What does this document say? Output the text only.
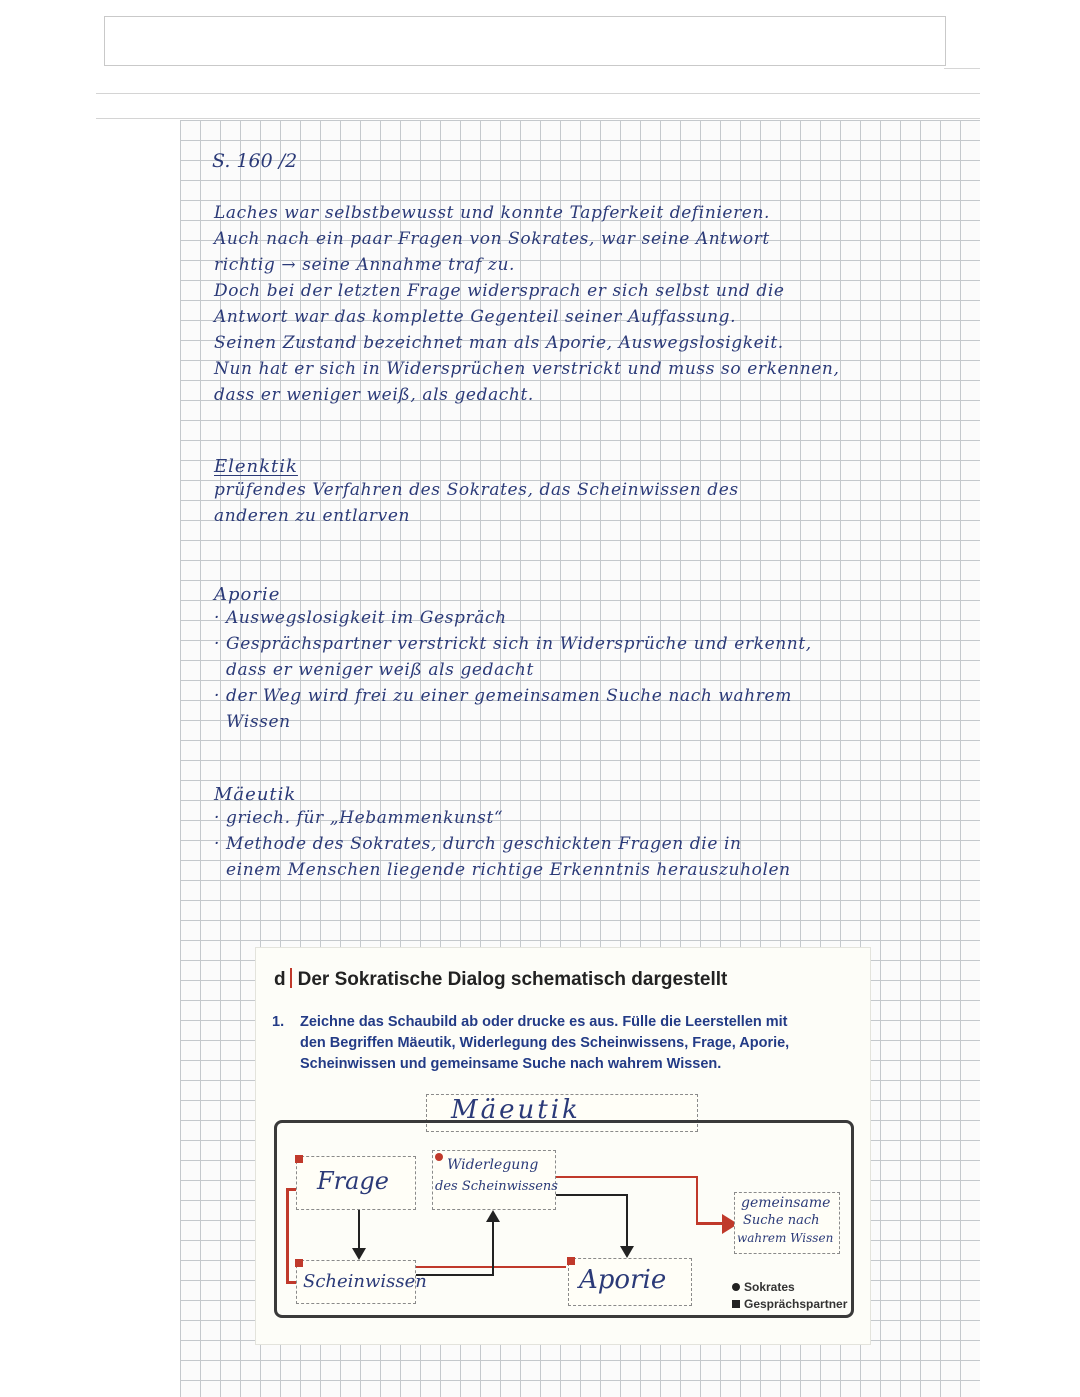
S. 160 /2
Laches war selbstbewusst und konnte Tapferkeit definieren.
Auch nach ein paar Fragen von Sokrates, war seine Antwort
richtig → seine Annahme traf zu.
Doch bei der letzten Frage widersprach er sich selbst und die
Antwort war das komplette Gegenteil seiner Auffassung.
Seinen Zustand bezeichnet man als Aporie, Auswegslosigkeit.
Nun hat er sich in Widersprüchen verstrickt und muss so erkennen,
dass er weniger weiß, als gedacht.
Elenktik
prüfendes Verfahren des Sokrates, das Scheinwissen des
anderen zu entlarven
Aporie
· Auswegslosigkeit im Gespräch
· Gesprächspartner verstrickt sich in Widersprüche und erkennt,
dass er weniger weiß als gedacht
· der Weg wird frei zu einer gemeinsamen Suche nach wahrem
Wissen
Mäeutik
· griech. für „Hebammenkunst“
· Methode des Sokrates, durch geschickten Fragen die in
einem Menschen liegende richtige Erkenntnis herauszuholen
d Der Sokratische Dialog schematisch dargestellt
1. Zeichne das Schaubild ab oder drucke es aus. Fülle die Leerstellen mit
den Begriffen Mäeutik, Widerlegung des Scheinwissens, Frage, Aporie,
Scheinwissen und gemeinsame Suche nach wahrem Wissen.
Mäeutik
Frage
Widerlegung
des Scheinwissens
Scheinwissen	Aporie
gemeinsame
Suche nach
wahrem Wissen
Sokrates
Gesprächspartner
